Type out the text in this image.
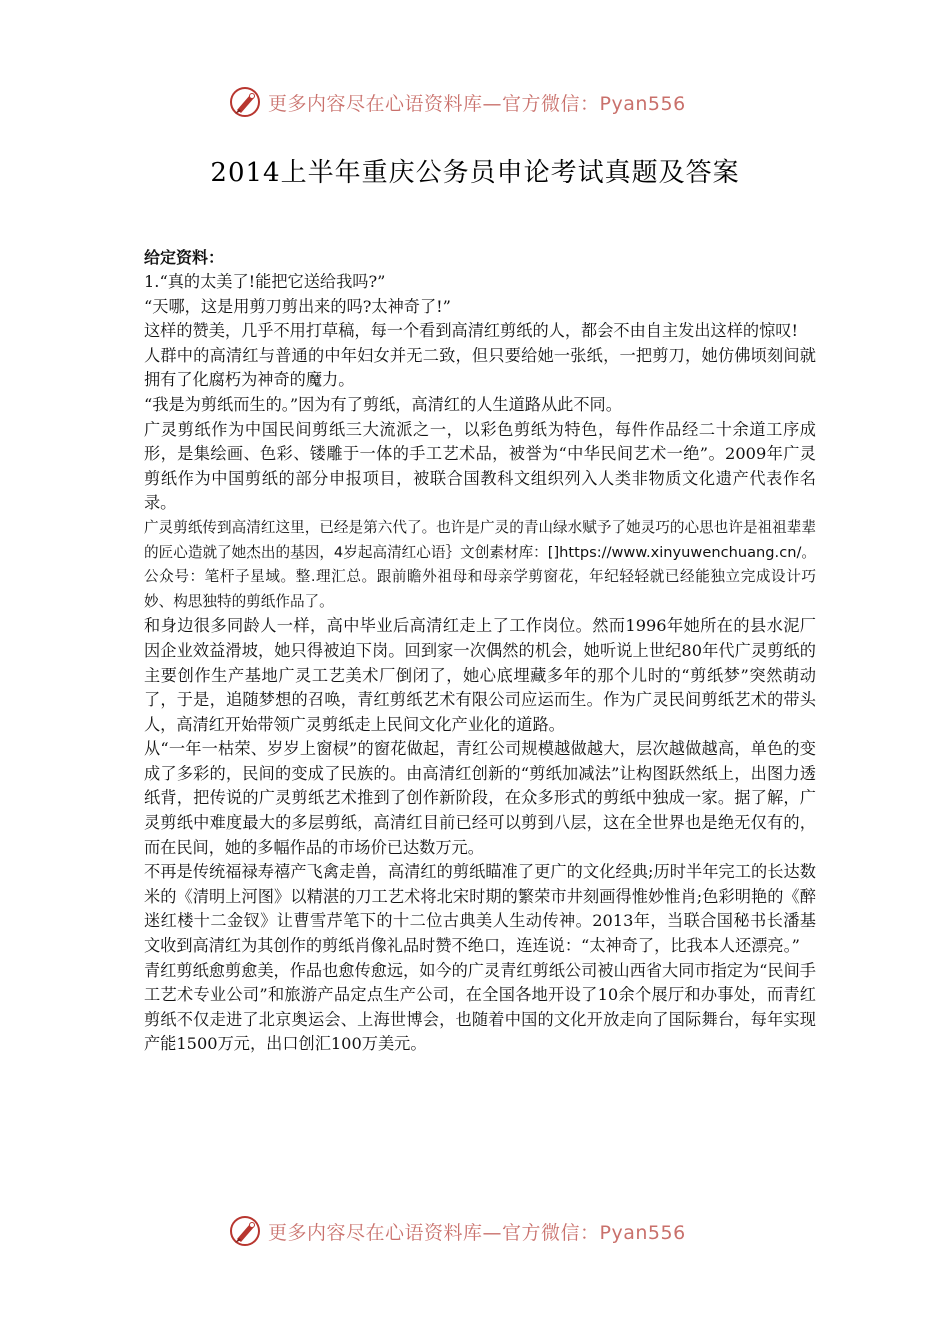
更多内容尽在心语资料库—官方微信：Pyan556
2014上半年重庆公务员申论考试真题及答案

给定资料：

1.“真的太美了!能把它送给我吗?”

“天哪，这是用剪刀剪出来的吗?太神奇了!”

这样的赞美，几乎不用打草稿，每一个看到高清红剪纸的人，都会不由自主发出这样的惊叹!

人群中的高清红与普通的中年妇女并无二致，但只要给她一张纸，一把剪刀，她仿佛顷刻间就拥有了化腐朽为神奇的魔力。

“我是为剪纸而生的。”因为有了剪纸，高清红的人生道路从此不同。

广灵剪纸作为中国民间剪纸三大流派之一，以彩色剪纸为特色，每件作品经二十余道工序成形，是集绘画、色彩、镂雕于一体的手工艺术品，被誉为“中华民间艺术一绝”。2009年广灵剪纸作为中国剪纸的部分申报项目，被联合国教科文组织列入人类非物质文化遗产代表作名录。

广灵剪纸传到高清红这里，已经是第六代了。也许是广灵的青山绿水赋予了她灵巧的心思也许是祖祖辈辈的匠心造就了她杰出的基因，4岁起高清红心语｝文创素材库：[]https://www.xinyuwenchuang.cn/。公众号：笔杆子星域。整.理汇总。跟前瞻外祖母和母亲学剪窗花，年纪轻轻就已经能独立完成设计巧妙、构思独特的剪纸作品了。

和身边很多同龄人一样，高中毕业后高清红走上了工作岗位。然而1996年她所在的县水泥厂因企业效益滑坡，她只得被迫下岗。回到家一次偶然的机会，她听说上世纪80年代广灵剪纸的主要创作生产基地广灵工艺美术厂倒闭了，她心底埋藏多年的那个儿时的“剪纸梦”突然萌动了，于是，追随梦想的召唤，青红剪纸艺术有限公司应运而生。作为广灵民间剪纸艺术的带头人，高清红开始带领广灵剪纸走上民间文化产业化的道路。

从“一年一枯荣、岁岁上窗棂”的窗花做起，青红公司规模越做越大，层次越做越高，单色的变成了多彩的，民间的变成了民族的。由高清红创新的“剪纸加减法”让构图跃然纸上，出图力透纸背，把传说的广灵剪纸艺术推到了创作新阶段，在众多形式的剪纸中独成一家。据了解，广灵剪纸中难度最大的多层剪纸，高清红目前已经可以剪到八层，这在全世界也是绝无仅有的，而在民间，她的多幅作品的市场价已达数万元。

不再是传统福禄寿禧产飞禽走兽，高清红的剪纸瞄准了更广的文化经典;历时半年完工的长达数米的《清明上河图》以精湛的刀工艺术将北宋时期的繁荣市井刻画得惟妙惟肖;色彩明艳的《醉迷红楼十二金钗》让曹雪芹笔下的十二位古典美人生动传神。2013年，当联合国秘书长潘基文收到高清红为其创作的剪纸肖像礼品时赞不绝口，连连说：“太神奇了，比我本人还漂亮。”

青红剪纸愈剪愈美，作品也愈传愈远，如今的广灵青红剪纸公司被山西省大同市指定为“民间手工艺术专业公司”和旅游产品定点生产公司，在全国各地开设了10余个展厅和办事处，而青红剪纸不仅走进了北京奥运会、上海世博会，也随着中国的文化开放走向了国际舞台，每年实现产能1500万元，出口创汇100万美元。

更多内容尽在心语资料库—官方微信：Pyan556
